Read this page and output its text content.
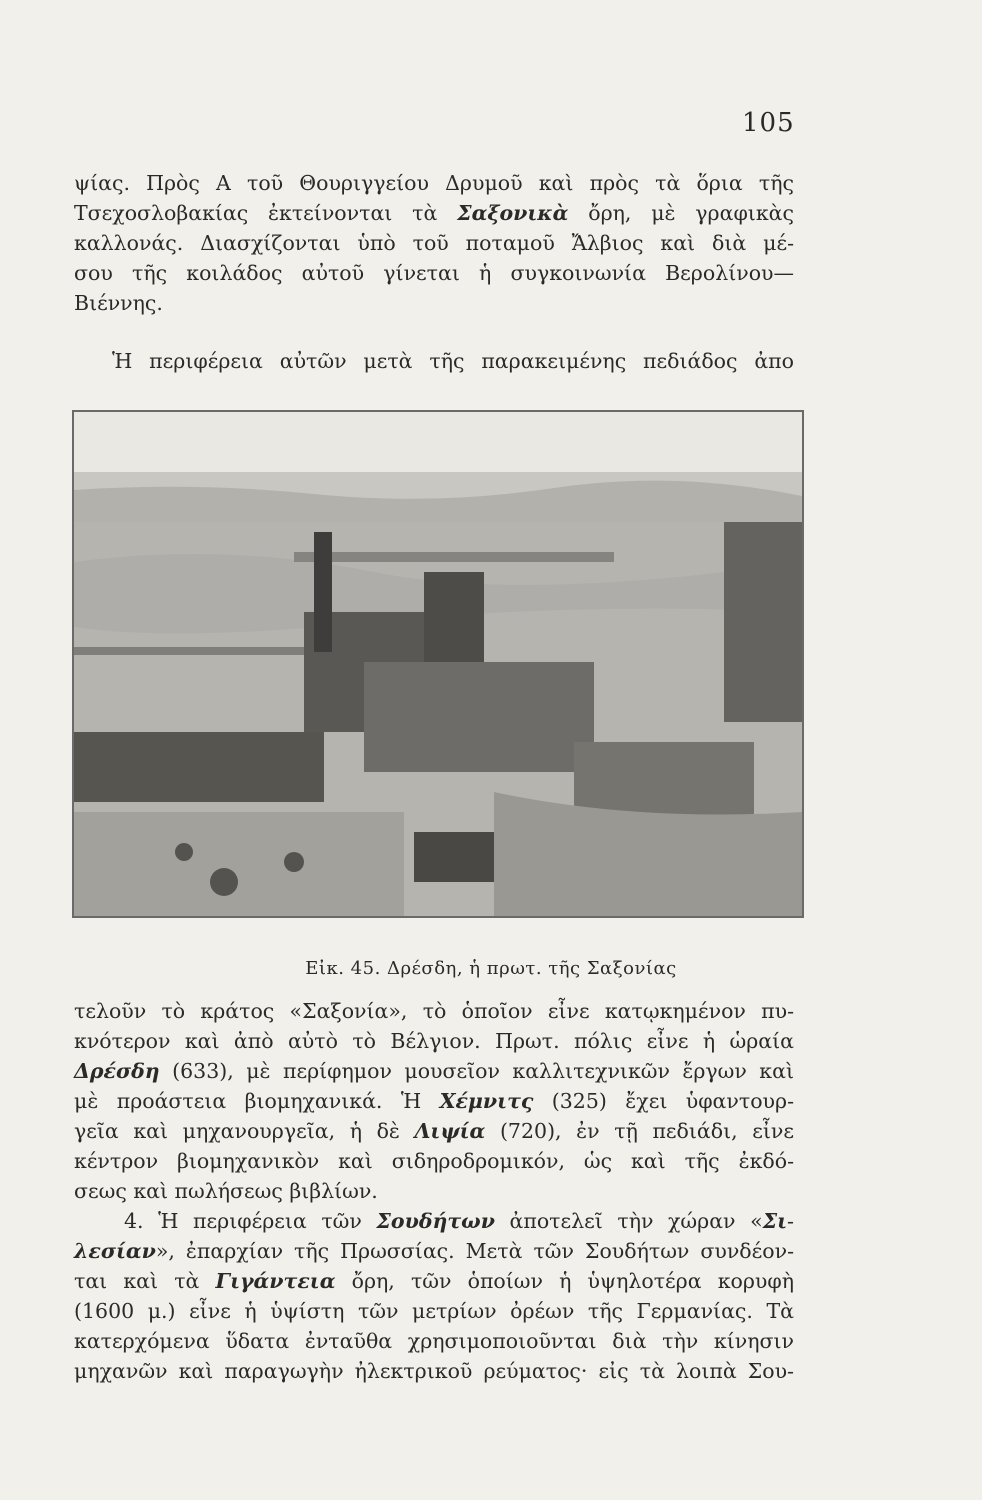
105
ψίας. Πρὸς Α τοῦ Θουριγγείου Δρυμοῦ καὶ πρὸς τὰ ὅρια τῆς
Τσεχοσλοβακίας ἐκτείνονται τὰ Σαξονικὰ ὄρη, μὲ γραφικὰς
καλλονάς. Διασχίζονται ὑπὸ τοῦ ποταμοῦ Ἄλβιος καὶ διὰ μέ-
σου τῆς κοιλάδος αὐτοῦ γίνεται ἡ συγκοινωνία Βερολίνου—
Βιέννης.
Ἡ περιφέρεια αὐτῶν μετὰ τῆς παρακειμένης πεδιάδος ἀπο
Εἰκ. 45. Δρέσδη, ἡ πρωτ. τῆς Σαξονίας
τελοῦν τὸ κράτος «Σαξονία», τὸ ὁποῖον εἶνε κατῳκημένον πυ-
κνότερον καὶ ἀπὸ αὐτὸ τὸ Βέλγιον. Πρωτ. πόλις εἶνε ἡ ὡραία
Δρέσδη (633), μὲ περίφημον μουσεῖον καλλιτεχνικῶν ἔργων καὶ
μὲ προάστεια βιομηχανικά. Ἡ Χέμνιτς (325) ἔχει ὑφαντουρ-
γεῖα καὶ μηχανουργεῖα, ἡ δὲ Λιψία (720), ἐν τῇ πεδιάδι, εἶνε
κέντρον βιομηχανικὸν καὶ σιδηροδρομικόν, ὡς καὶ τῆς ἐκδό-
σεως καὶ πωλήσεως βιβλίων.
4. Ἡ περιφέρεια τῶν Σουδήτων ἀποτελεῖ τὴν χώραν «Σι-
λεσίαν», ἐπαρχίαν τῆς Πρωσσίας. Μετὰ τῶν Σουδήτων συνδέον-
ται καὶ τὰ Γιγάντεια ὄρη, τῶν ὁποίων ἡ ὑψηλοτέρα κορυφὴ
(1600 μ.) εἶνε ἡ ὑψίστη τῶν μετρίων ὀρέων τῆς Γερμανίας. Τὰ
κατερχόμενα ὕδατα ἐνταῦθα χρησιμοποιοῦνται διὰ τὴν κίνησιν
μηχανῶν καὶ παραγωγὴν ἠλεκτρικοῦ ρεύματος· εἰς τὰ λοιπὰ Σου-
